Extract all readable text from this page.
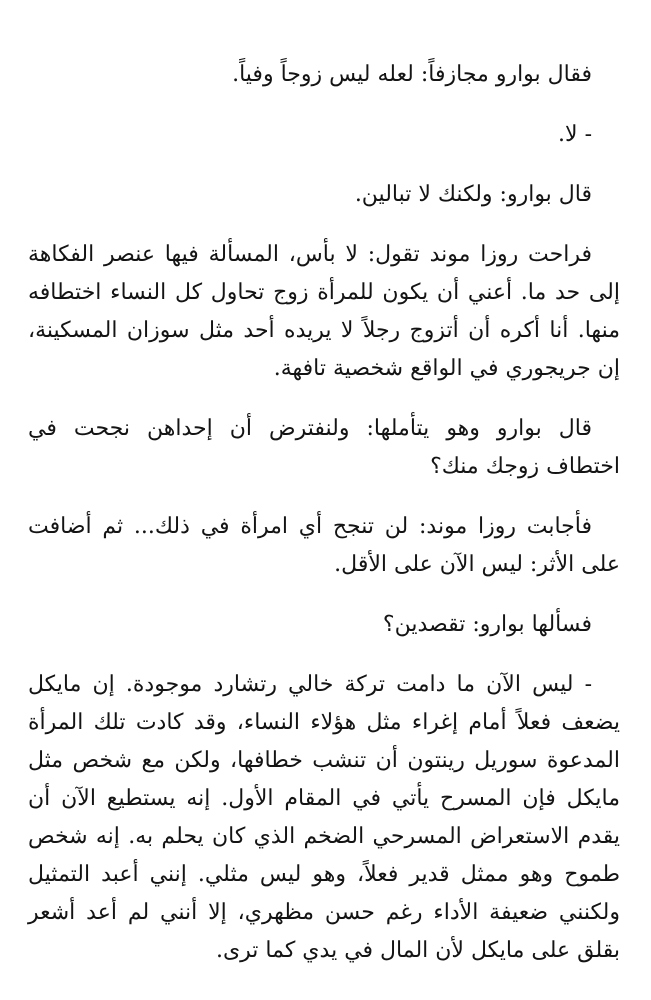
فقال بوارو مجازفاً: لعله ليس زوجاً وفياً.

- لا.

قال بوارو: ولكنك لا تبالين.

فراحت روزا موند تقول: لا بأس، المسألة فيها عنصر الفكاهة إلى حد ما. أعني أن يكون للمرأة زوج تحاول كل النساء اختطافه منها. أنا أكره أن أتزوج رجلاً لا يريده أحد مثل سوزان المسكينة، إن جريجوري في الواقع شخصية تافهة.

قال بوارو وهو يتأملها: ولنفترض أن إحداهن نجحت في اختطاف زوجك منك؟

فأجابت روزا موند: لن تنجح أي امرأة في ذلك... ثم أضافت على الأثر: ليس الآن على الأقل.

فسألها بوارو: تقصدين؟

- ليس الآن ما دامت تركة خالي رتشارد موجودة. إن مايكل يضعف فعلاً أمام إغراء مثل هؤلاء النساء، وقد كادت تلك المرأة المدعوة سوريل رينتون أن تنشب خطافها، ولكن مع شخص مثل مايكل فإن المسرح يأتي في المقام الأول. إنه يستطيع الآن أن يقدم الاستعراض المسرحي الضخم الذي كان يحلم به. إنه شخص طموح وهو ممثل قدير فعلاً، وهو ليس مثلي. إنني أعبد التمثيل ولكنني ضعيفة الأداء رغم حسن مظهري، إلا أنني لم أعد أشعر بقلق على مايكل لأن المال في يدي كما ترى.
